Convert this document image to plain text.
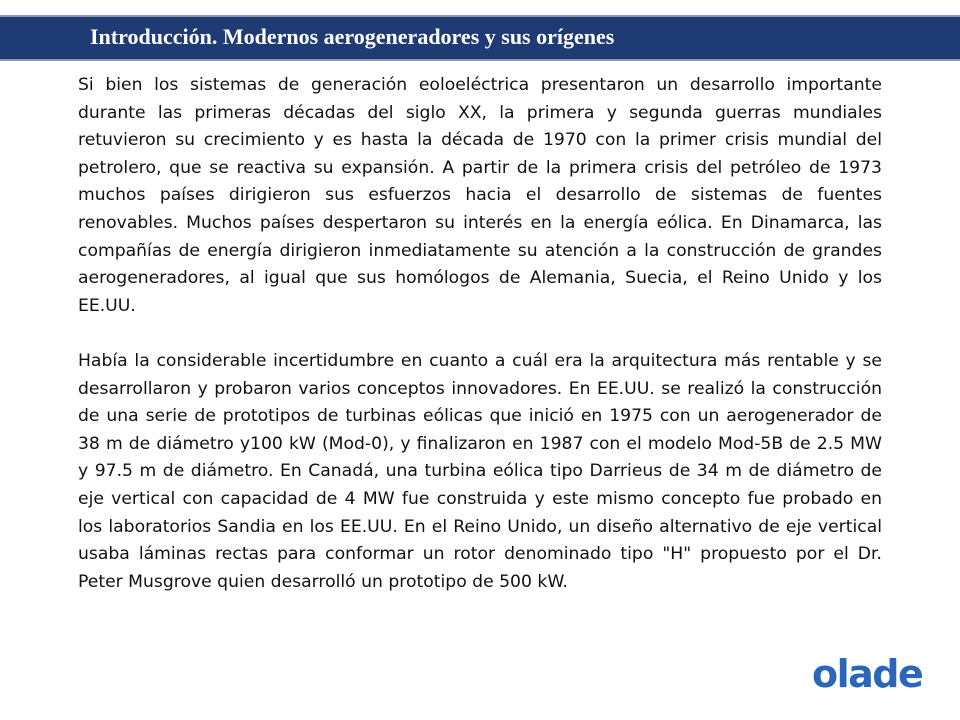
Introducción. Modernos aerogeneradores y sus orígenes

Si bien los sistemas de generación eoloeléctrica presentaron un desarrollo importante durante las primeras décadas del siglo XX, la primera y segunda guerras mundiales retuvieron su crecimiento y es hasta la década de 1970 con la primer crisis mundial del petrolero, que se reactiva su expansión. A partir de la primera crisis del petróleo de 1973 muchos países dirigieron sus esfuerzos hacia el desarrollo de sistemas de fuentes renovables. Muchos países despertaron su interés en la energía eólica. En Dinamarca, las compañías de energía dirigieron inmediatamente su atención a la construcción de grandes aerogeneradores, al igual que sus homólogos de Alemania, Suecia, el Reino Unido y los EE.UU.

Había la considerable incertidumbre en cuanto a cuál era la arquitectura más rentable y se desarrollaron y probaron varios conceptos innovadores. En EE.UU. se realizó la construcción de una serie de prototipos de turbinas eólicas que inició en 1975 con un aerogenerador de 38 m de diámetro y100 kW (Mod-0), y finalizaron en 1987 con el modelo Mod-5B de 2.5 MW y 97.5 m de diámetro. En Canadá, una turbina eólica tipo Darrieus de 34 m de diámetro de eje vertical con capacidad de 4 MW fue construida y este mismo concepto fue probado en los laboratorios Sandia en los EE.UU. En el Reino Unido, un diseño alternativo de eje vertical usaba láminas rectas para conformar un rotor denominado tipo "H" propuesto por el Dr. Peter Musgrove quien desarrolló un prototipo de 500 kW.

olade
